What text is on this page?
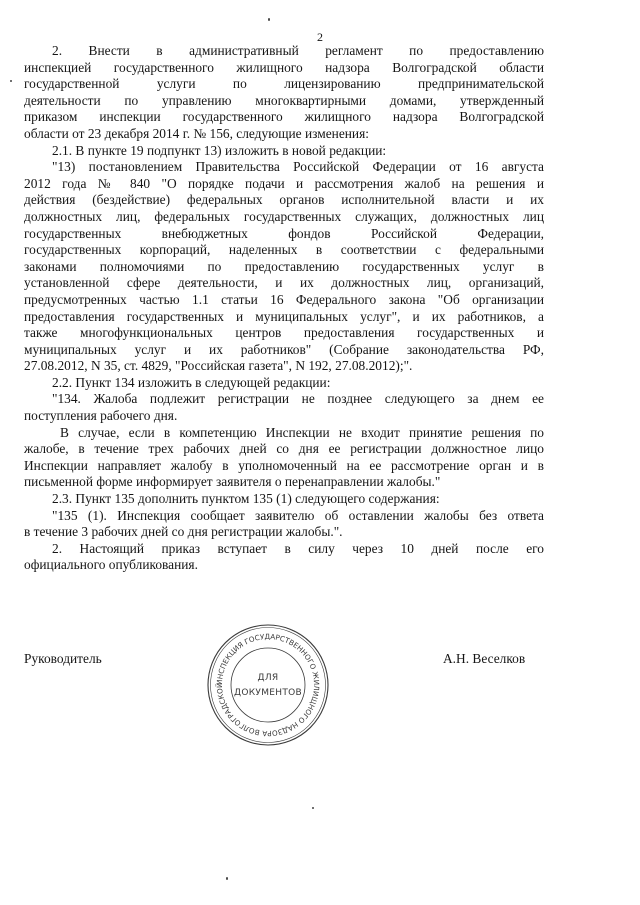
2

2. Внести в административный регламент по предоставлению

инспекцией государственного жилищного надзора Волгоградской области

государственной услуги по лицензированию предпринимательской

деятельности по управлению многоквартирными домами, утвержденный

приказом инспекции государственного жилищного надзора Волгоградской

области от 23 декабря 2014 г. № 156, следующие изменения:

2.1. В пункте 19 подпункт 13) изложить в новой редакции:

"13) постановлением Правительства Российской Федерации от 16 августа

2012 года № 840 "О порядке подачи и рассмотрения жалоб на решения и

действия (бездействие) федеральных органов исполнительной власти и их

должностных лиц, федеральных государственных служащих, должностных лиц

государственных внебюджетных фондов Российской Федерации,

государственных корпораций, наделенных в соответствии с федеральными

законами полномочиями по предоставлению государственных услуг в

установленной сфере деятельности, и их должностных лиц, организаций,

предусмотренных частью 1.1 статьи 16 Федерального закона "Об организации

предоставления государственных и муниципальных услуг", и их работников, а

также многофункциональных центров предоставления государственных и

муниципальных услуг и их работников" (Собрание законодательства РФ,

27.08.2012, N 35, ст. 4829, "Российская газета", N 192, 27.08.2012);".

2.2. Пункт 134 изложить в следующей редакции:

"134. Жалоба подлежит регистрации не позднее следующего за днем ее

поступления рабочего дня.

В случае, если в компетенцию Инспекции не входит принятие решения по

жалобе, в течение трех рабочих дней со дня ее регистрации должностное лицо

Инспекции направляет жалобу в уполномоченный на ее рассмотрение орган и в

письменной форме информирует заявителя о перенаправлении жалобы."

2.3. Пункт 135 дополнить пунктом 135 (1) следующего содержания:

"135 (1). Инспекция сообщает заявителю об оставлении жалобы без ответа

в течение 3 рабочих дней со дня регистрации жалобы.".

2. Настоящий приказ вступает в силу через 10 дней после его

официального опубликования.

Руководитель	А.Н. Веселков
ИНСПЕКЦИЯ ГОСУДАРСТВЕННОГО ЖИЛИЩНОГО НАДЗОРА ВОЛГОГРАДСКОЙ
ДЛЯ
ДОКУМЕНТОВ
